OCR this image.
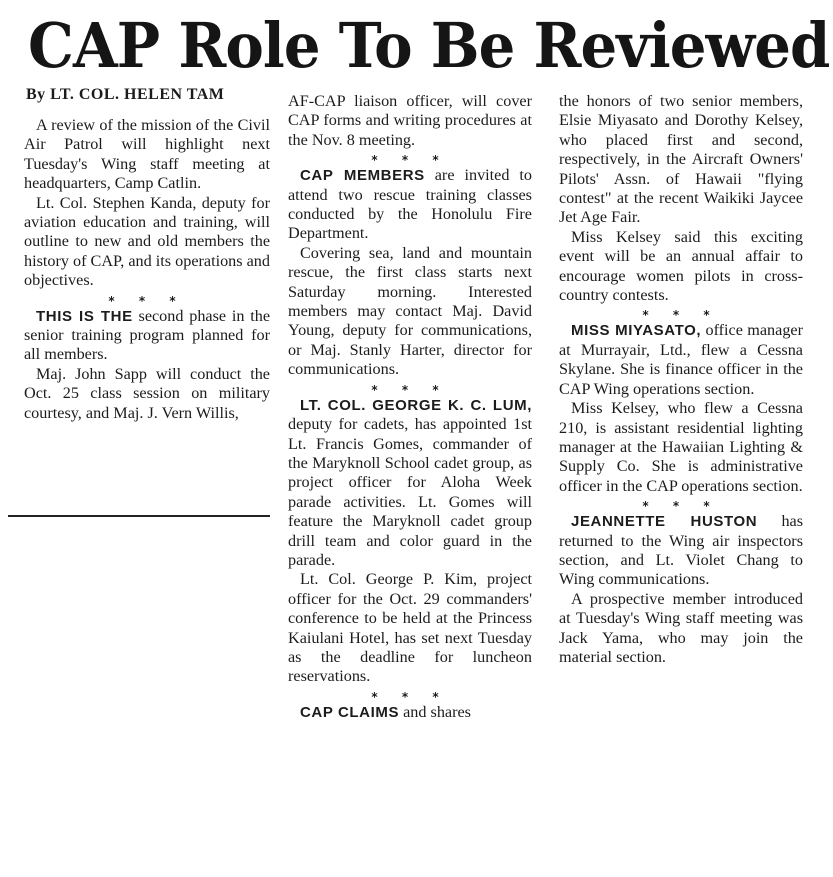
CAP Role To Be Reviewed
By LT. COL. HELEN TAM

A review of the mission of the Civil Air Patrol will highlight next Tuesday's Wing staff meeting at headquarters, Camp Catlin.

Lt. Col. Stephen Kanda, deputy for aviation education and training, will outline to new and old members the history of CAP, and its operations and objectives.

* * *

THIS IS THE second phase in the senior training program planned for all members.

Maj. John Sapp will conduct the Oct. 25 class session on military courtesy, and Maj. J. Vern Willis,

AF-CAP liaison officer, will cover CAP forms and writing procedures at the Nov. 8 meeting.

* * *

CAP MEMBERS are invited to attend two rescue training classes conducted by the Honolulu Fire Department.

Covering sea, land and mountain rescue, the first class starts next Saturday morning. Interested members may contact Maj. David Young, deputy for communications, or Maj. Stanly Harter, director for communications.

* * *

LT. COL. GEORGE K. C. LUM, deputy for cadets, has appointed 1st Lt. Francis Gomes, commander of the Maryknoll School cadet group, as project officer for Aloha Week parade activities. Lt. Gomes will feature the Maryknoll cadet group drill team and color guard in the parade.

Lt. Col. George P. Kim, project officer for the Oct. 29 commanders' conference to be held at the Princess Kaiulani Hotel, has set next Tuesday as the deadline for luncheon reservations.

* * *

CAP CLAIMS and shares

the honors of two senior members, Elsie Miyasato and Dorothy Kelsey, who placed first and second, respectively, in the Aircraft Owners' Pilots' Assn. of Hawaii "flying contest" at the recent Waikiki Jaycee Jet Age Fair.

Miss Kelsey said this exciting event will be an annual affair to encourage women pilots in cross-country contests.

* * *

MISS MIYASATO, office manager at Murrayair, Ltd., flew a Cessna Skylane. She is finance officer in the CAP Wing operations section.

Miss Kelsey, who flew a Cessna 210, is assistant residential lighting manager at the Hawaiian Lighting & Supply Co. She is administrative officer in the CAP operations section.

* * *

JEANNETTE HUSTON has returned to the Wing air inspectors section, and Lt. Violet Chang to Wing communications.

A prospective member introduced at Tuesday's Wing staff meeting was Jack Yama, who may join the material section.
